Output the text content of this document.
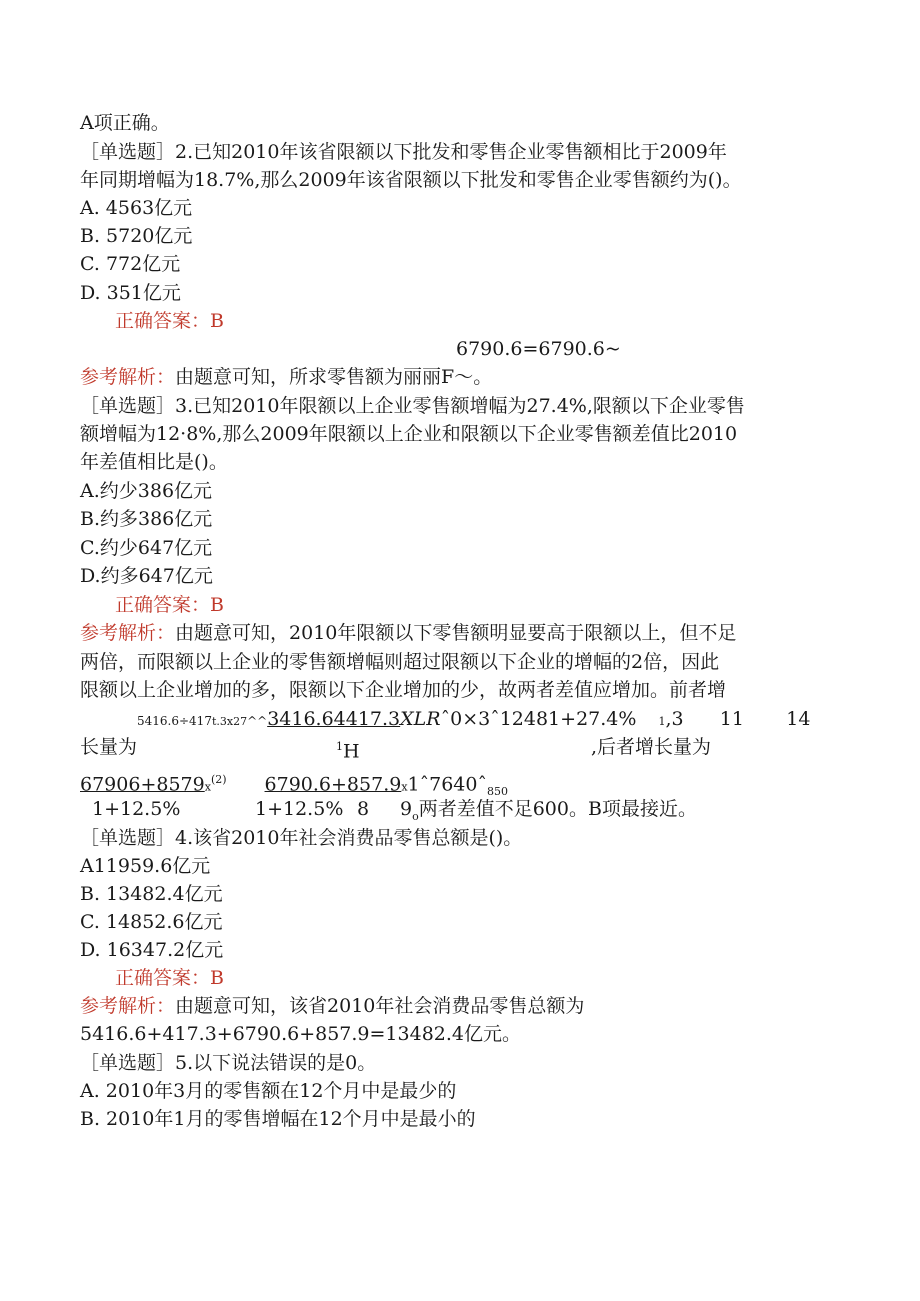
A项正确。
［单选题］2.已知2010年该省限额以下批发和零售企业零售额相比于2009年
年同期增幅为18.7%,那么2009年该省限额以下批发和零售企业零售额约为()。
A. 4563亿元
B. 5720亿元
C. 772亿元
D. 351亿元
正确答案：B
6790.6=6790.6~
参考解析：由题意可知，所求零售额为丽丽F～。
［单选题］3.已知2010年限额以上企业零售额增幅为27.4%,限额以下企业零售
额增幅为12·8%,那么2009年限额以上企业和限额以下企业零售额差值比2010
年差值相比是()。
A.约少386亿元
B.约多386亿元
C.约少647亿元
D.约多647亿元
正确答案：B
参考解析：由题意可知，2010年限额以下零售额明显要高于限额以上，但不足
两倍，而限额以上企业的零售额增幅则超过限额以下企业的增幅的2倍，因此
限额以上企业增加的多，限额以下企业增加的少，故两者差值应增加。前者增
5416.6÷417t.3x27^^3416.64417.3XLRˆ0×3ˆ12481+27.4% 1,3      11       14
长量为	$^1$H	,后者增长量为
$67906+8579x^{(2)}$ 6790.6+857.9x1ˆ7640ˆ$_{850}$
1+12.5%	1+12.5% 8 $9_o$两者差值不足600。B项最接近。
［单选题］4.该省2010年社会消费品零售总额是()。
A11959.6亿元
B. 13482.4亿元
C. 14852.6亿元
D. 16347.2亿元
正确答案：B
参考解析：由题意可知，该省2010年社会消费品零售总额为
5416.6+417.3+6790.6+857.9=13482.4亿元。
［单选题］5.以下说法错误的是0。
A. 2010年3月的零售额在12个月中是最少的
B. 2010年1月的零售增幅在12个月中是最小的
